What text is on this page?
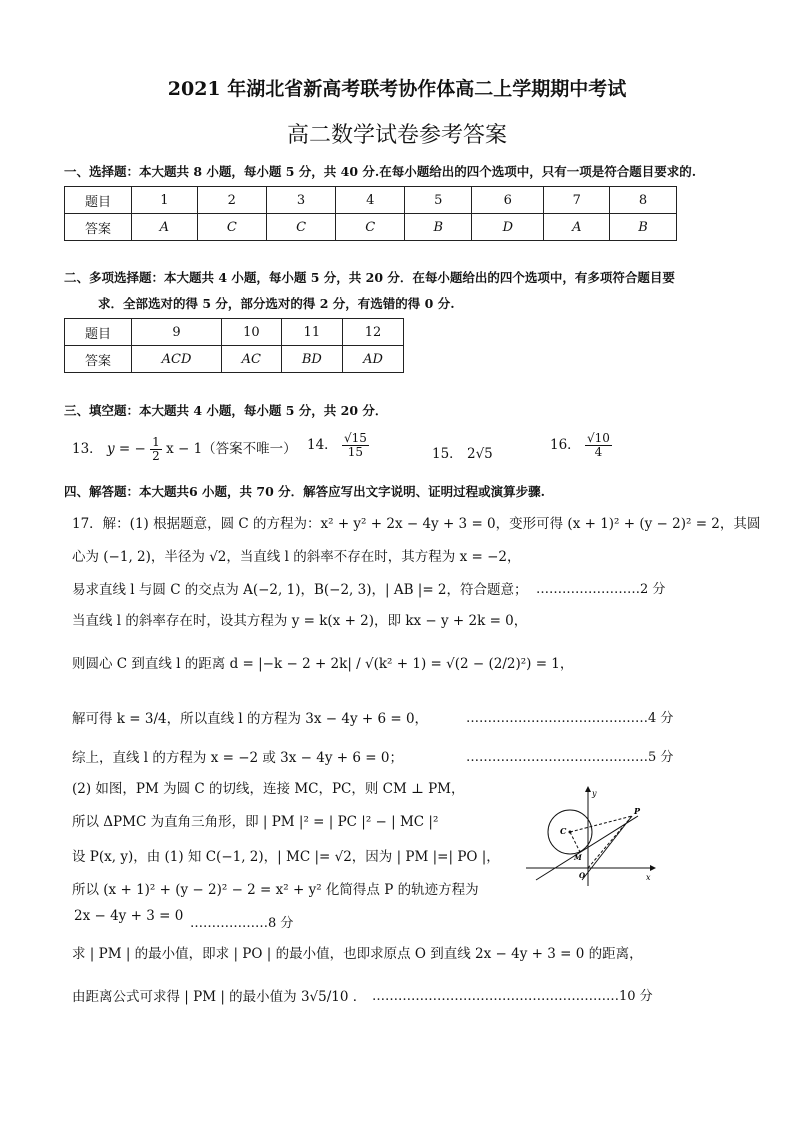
2021 年湖北省新高考联考协作体高二上学期期中考试
高二数学试卷参考答案
一、选择题：本大题共 8 小题，每小题 5 分，共 40 分.在每小题给出的四个选项中，只有一项是符合题目要求的.
题目	1	2	3	4	5	6	7	8
答案	A	C	C	C	B	D	A	B
二、多项选择题：本大题共 4 小题，每小题 5 分，共 20 分．在每小题给出的四个选项中，有多项符合题目要
求．全部选对的得 5 分，部分选对的得 2 分，有选错的得 0 分.
题目	9	10	11	12
答案	ACD	AC	BD	AD
三、填空题：本大题共 4 小题，每小题 5 分，共 20 分．
13． y = − $\frac{1}{2}$ x − 1（答案不唯一） 14． $\frac{√15}{15}$	15． 2√5
16． $\frac{√10}{4}$
四、解答题：本大题共6 小题，共 70 分．解答应写出文字说明、证明过程或演算步骤.
17．解：(1) 根据题意，圆 C 的方程为：x² + y² + 2x − 4y + 3 = 0，变形可得 (x + 1)² + (y − 2)² = 2，其圆
心为 (−1, 2)，半径为 √2，当直线 l 的斜率不存在时，其方程为 x = −2，
易求直线 l 与圆 C 的交点为 A(−2, 1)，B(−2, 3)，| AB |= 2，符合题意； ……………………2 分
当直线 l 的斜率存在时，设其方程为 y = k(x + 2)，即 kx − y + 2k = 0，
则圆心 C 到直线 l 的距离 d = |−k − 2 + 2k| / √(k² + 1) = √(2 − (2/2)²) = 1，
解可得 k = 3/4，所以直线 l 的方程为 3x − 4y + 6 = 0，	……………………………………4 分
综上，直线 l 的方程为 x = −2 或 3x − 4y + 6 = 0；	……………………………………5 分
(2) 如图，PM 为圆 C 的切线，连接 MC，PC，则 CM ⊥ PM，
所以 ΔPMC 为直角三角形，即 | PM |² = | PC |² − | MC |²
设 P(x, y)，由 (1) 知 C(−1, 2)，| MC |= √2，因为 | PM |=| PO |，
所以 (x + 1)² + (y − 2)² − 2 = x² + y² 化简得点 P 的轨迹方程为
2x − 4y + 3 = 0 ………………8 分
求 | PM | 的最小值，即求 | PO | 的最小值，也即求原点 O 到直线 2x − 4y + 3 = 0 的距离，
由距离公式可求得 | PM | 的最小值为 3√5/10 ． …………………………………………………10 分
y
x
P
C
M
O
